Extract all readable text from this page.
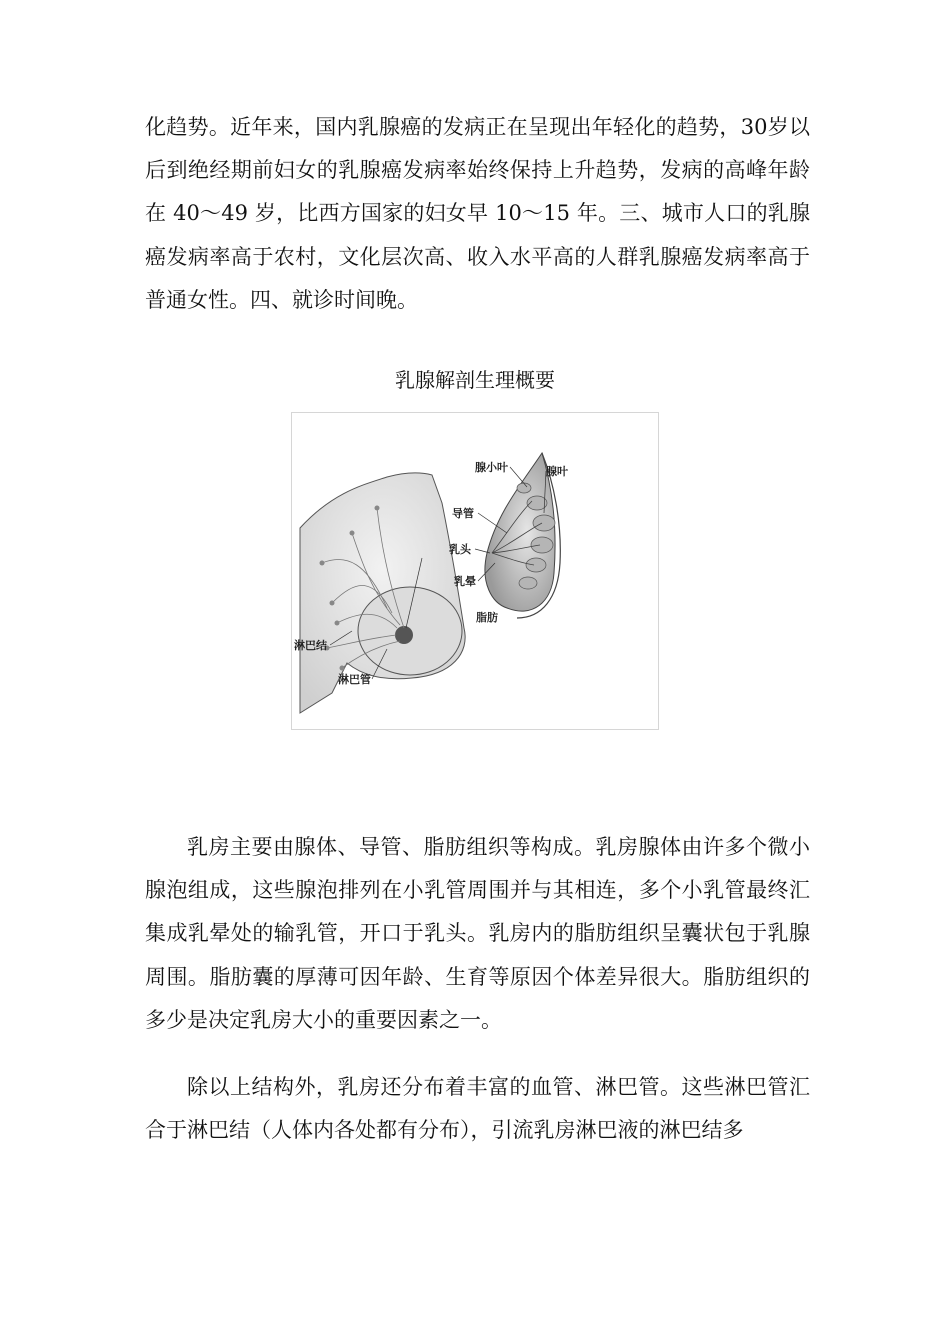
化趋势。近年来，国内乳腺癌的发病正在呈现出年轻化的趋势，30岁以后到绝经期前妇女的乳腺癌发病率始终保持上升趋势，发病的高峰年龄在 40～49 岁，比西方国家的妇女早 10～15 年。三、城市人口的乳腺癌发病率高于农村，文化层次高、收入水平高的人群乳腺癌发病率高于普通女性。四、就诊时间晚。

乳腺解剖生理概要

腺小叶	腺叶
导管
乳头
乳晕
脂肪
淋巴结
淋巴管

乳房主要由腺体、导管、脂肪组织等构成。乳房腺体由许多个微小腺泡组成，这些腺泡排列在小乳管周围并与其相连，多个小乳管最终汇集成乳晕处的输乳管，开口于乳头。乳房内的脂肪组织呈囊状包于乳腺周围。脂肪囊的厚薄可因年龄、生育等原因个体差异很大。脂肪组织的多少是决定乳房大小的重要因素之一。

除以上结构外，乳房还分布着丰富的血管、淋巴管。这些淋巴管汇合于淋巴结（人体内各处都有分布），引流乳房淋巴液的淋巴结多
